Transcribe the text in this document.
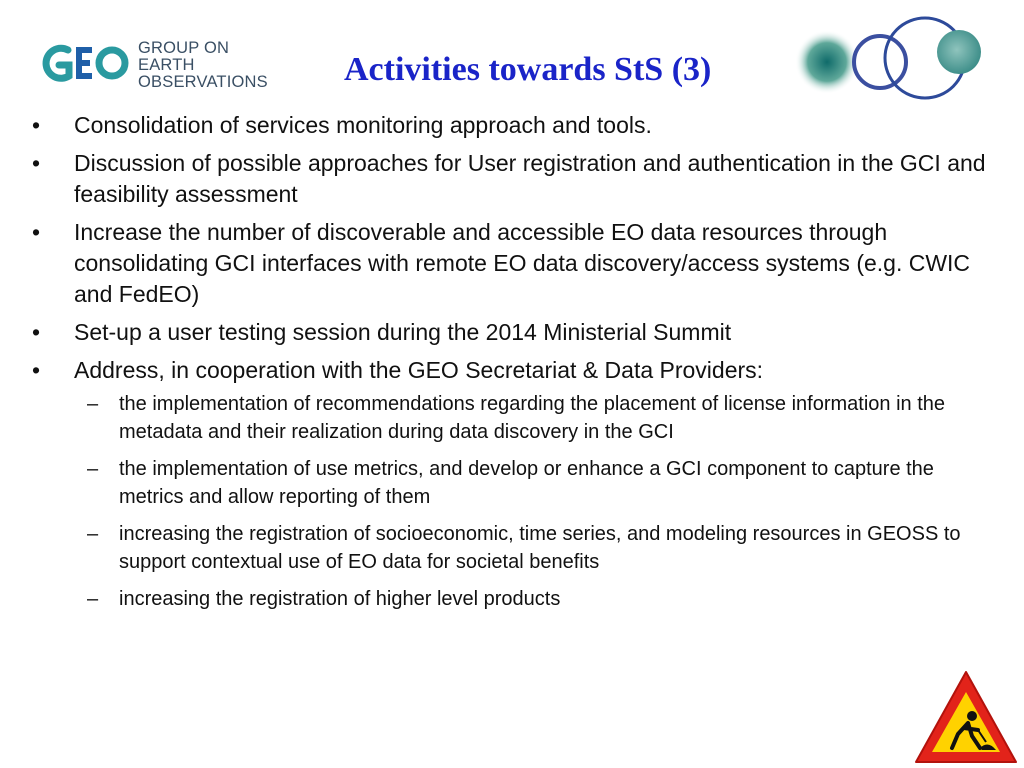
GROUP ON
EARTH OBSERVATIONS	Activities towards StS (3)
• Consolidation of services monitoring approach and tools.
• Discussion of possible approaches for User registration and authentication in the GCI and feasibility assessment
• Increase the number of discoverable and accessible EO data resources through consolidating GCI interfaces with remote EO data discovery/access systems (e.g. CWIC and FedEO)
• Set-up a user testing session during the 2014 Ministerial Summit
• Address, in cooperation with the GEO Secretariat & Data Providers:
– the implementation of recommendations regarding the placement of license information in the metadata and their realization during data discovery in the GCI
– the implementation of use metrics, and develop or enhance a GCI component to capture the metrics and allow reporting of them
– increasing the registration of socioeconomic, time series, and modeling resources in GEOSS to support contextual use of EO data for societal benefits
– increasing the registration of higher level products
